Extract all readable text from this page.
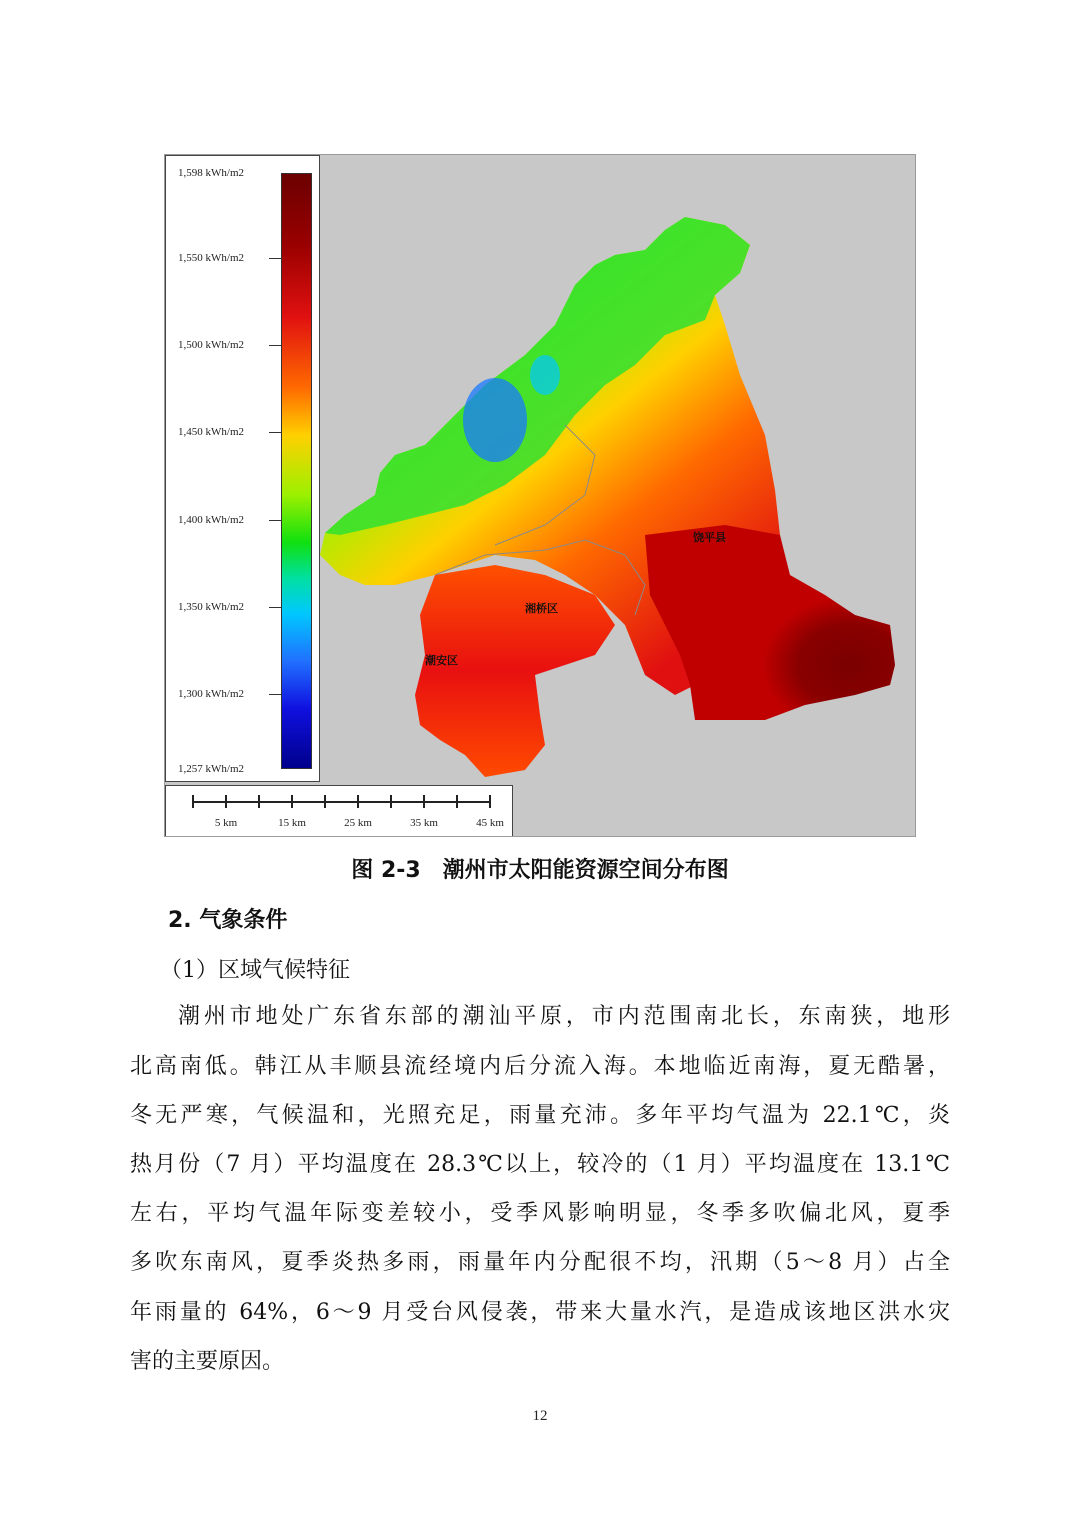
饶平县
湘桥区
潮安区
1,598 kWh/m2
1,550 kWh/m2
1,500 kWh/m2
1,450 kWh/m2
1,400 kWh/m2
1,350 kWh/m2
1,300 kWh/m2
1,257 kWh/m2
5 km	15 km	25 km	35 km	45 km
图 2-3　潮州市太阳能资源空间分布图
2. 气象条件
（1）区域气候特征
潮州市地处广东省东部的潮汕平原，市内范围南北长，东南狭，地形
北高南低。韩江从丰顺县流经境内后分流入海。本地临近南海，夏无酷暑，
冬无严寒，气候温和，光照充足，雨量充沛。多年平均气温为 22.1℃，炎
热月份（7 月）平均温度在 28.3℃以上，较冷的（1 月）平均温度在 13.1℃
左右，平均气温年际变差较小，受季风影响明显，冬季多吹偏北风，夏季
多吹东南风，夏季炎热多雨，雨量年内分配很不均，汛期（5～8 月）占全
年雨量的 64%，6～9 月受台风侵袭，带来大量水汽，是造成该地区洪水灾
害的主要原因。
12
